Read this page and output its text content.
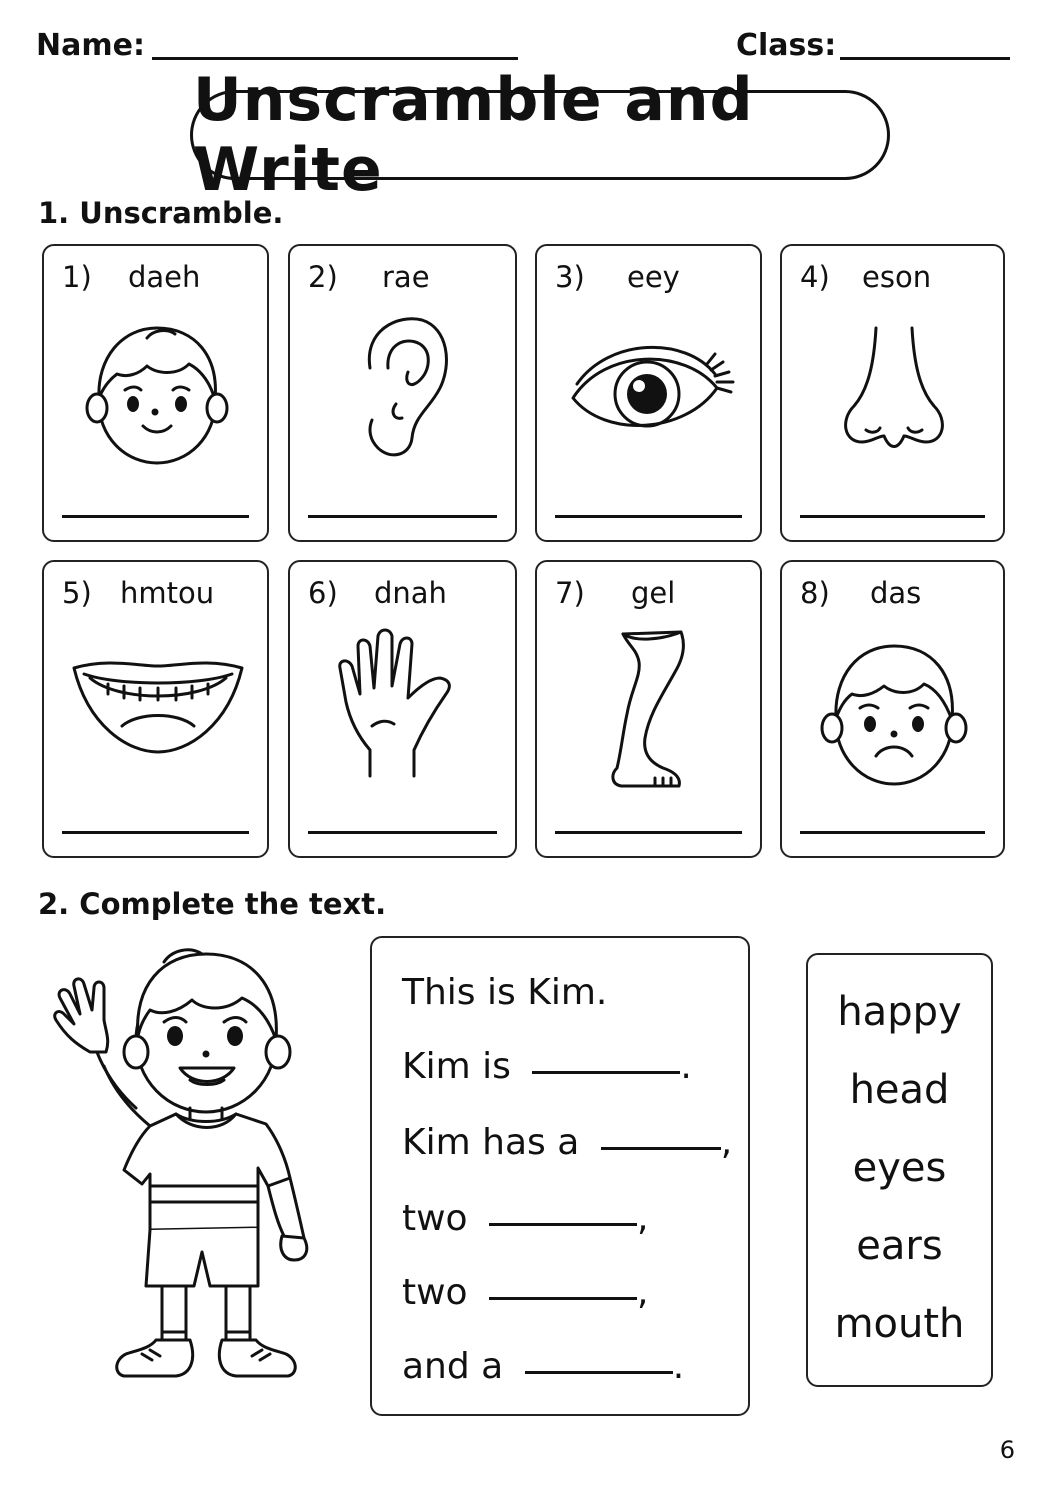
Name:	Class:
Unscramble and Write
1. Unscramble.
1) daeh	2) rae	3) eey	4) eson
5) hmtou	6) dnah	7) gel	8) das
2. Complete the text.
This is Kim.
Kim is	.
Kim has a	,
two	,
two	,
and a	.
happy
head
eyes
ears
mouth
6
